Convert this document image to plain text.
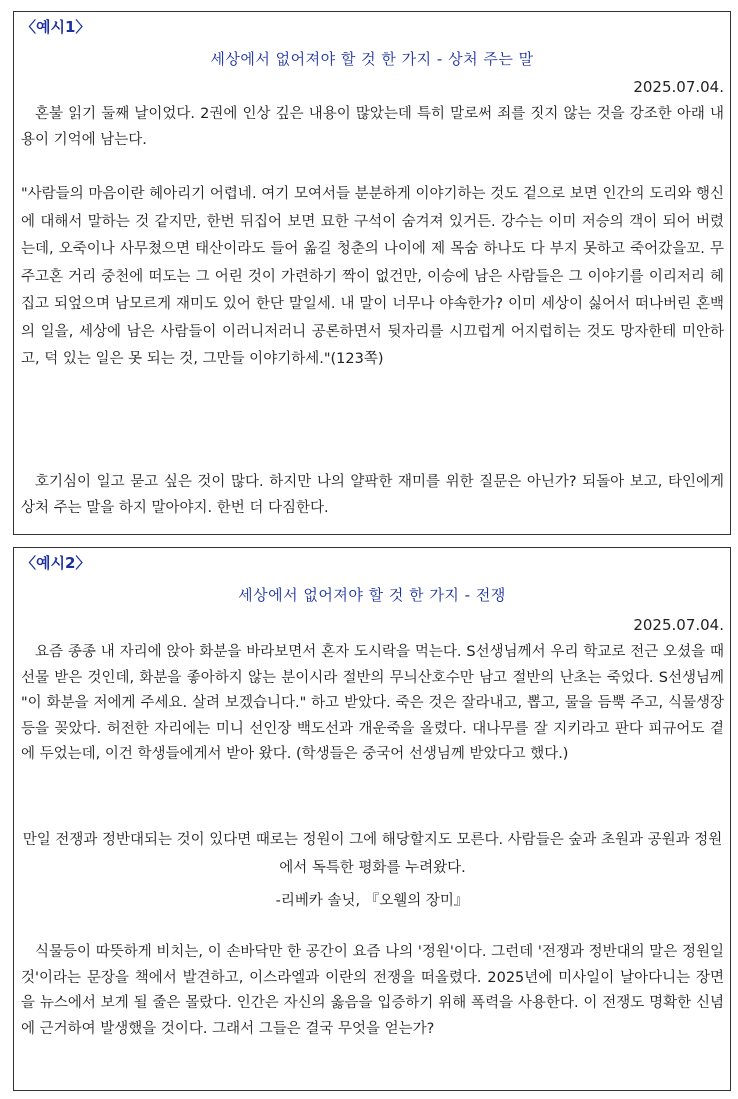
〈예시1〉
세상에서 없어져야 할 것 한 가지 - 상처 주는 말
2025.07.04.

혼불 읽기 둘째 날이었다. 2권에 인상 깊은 내용이 많았는데 특히 말로써 죄를 짓지 않는 것을 강조한 아래 내용이 기억에 남는다.

"사람들의 마음이란 헤아리기 어렵네. 여기 모여서들 분분하게 이야기하는 것도 겉으로 보면 인간의 도리와 행신에 대해서 말하는 것 같지만, 한번 뒤집어 보면 묘한 구석이 숨겨져 있거든. 강수는 이미 저승의 객이 되어 버렸는데, 오죽이나 사무쳤으면 태산이라도 들어 옮길 청춘의 나이에 제 목숨 하나도 다 부지 못하고 죽어갔을꼬. 무주고혼 거리 중천에 떠도는 그 어린 것이 가련하기 짝이 없건만, 이승에 남은 사람들은 그 이야기를 이리저리 헤집고 되엎으며 남모르게 재미도 있어 한단 말일세. 내 말이 너무나 야속한가? 이미 세상이 싫어서 떠나버린 혼백의 일을, 세상에 남은 사람들이 이러니저러니 공론하면서 뒷자리를 시끄럽게 어지럽히는 것도 망자한테 미안하고, 덕 있는 일은 못 되는 것, 그만들 이야기하세."(123쪽)

호기심이 일고 묻고 싶은 것이 많다. 하지만 나의 얄팍한 재미를 위한 질문은 아닌가? 되돌아 보고, 타인에게 상처 주는 말을 하지 말아야지. 한번 더 다짐한다.

〈예시2〉
세상에서 없어져야 할 것 한 가지 - 전쟁
2025.07.04.

요즘 종종 내 자리에 앉아 화분을 바라보면서 혼자 도시락을 먹는다. S선생님께서 우리 학교로 전근 오셨을 때 선물 받은 것인데, 화분을 좋아하지 않는 분이시라 절반의 무늬산호수만 남고 절반의 난초는 죽었다. S선생님께 "이 화분을 저에게 주세요. 살려 보겠습니다." 하고 받았다. 죽은 것은 잘라내고, 뽑고, 물을 듬뿍 주고, 식물생장등을 꽂았다. 허전한 자리에는 미니 선인장 백도선과 개운죽을 올렸다. 대나무를 잘 지키라고 판다 피규어도 곁에 두었는데, 이건 학생들에게서 받아 왔다. (학생들은 중국어 선생님께 받았다고 했다.)

만일 전쟁과 정반대되는 것이 있다면 때로는 정원이 그에 해당할지도 모른다. 사람들은 숲과 초원과 공원과 정원에서 독특한 평화를 누려왔다.

-리베카 솔닛, 『오웰의 장미』

식물등이 따뜻하게 비치는, 이 손바닥만 한 공간이 요즘 나의 '정원'이다. 그런데 '전쟁과 정반대의 말은 정원일 것'이라는 문장을 책에서 발견하고, 이스라엘과 이란의 전쟁을 떠올렸다. 2025년에 미사일이 날아다니는 장면을 뉴스에서 보게 될 줄은 몰랐다. 인간은 자신의 옳음을 입증하기 위해 폭력을 사용한다. 이 전쟁도 명확한 신념에 근거하여 발생했을 것이다. 그래서 그들은 결국 무엇을 얻는가?
